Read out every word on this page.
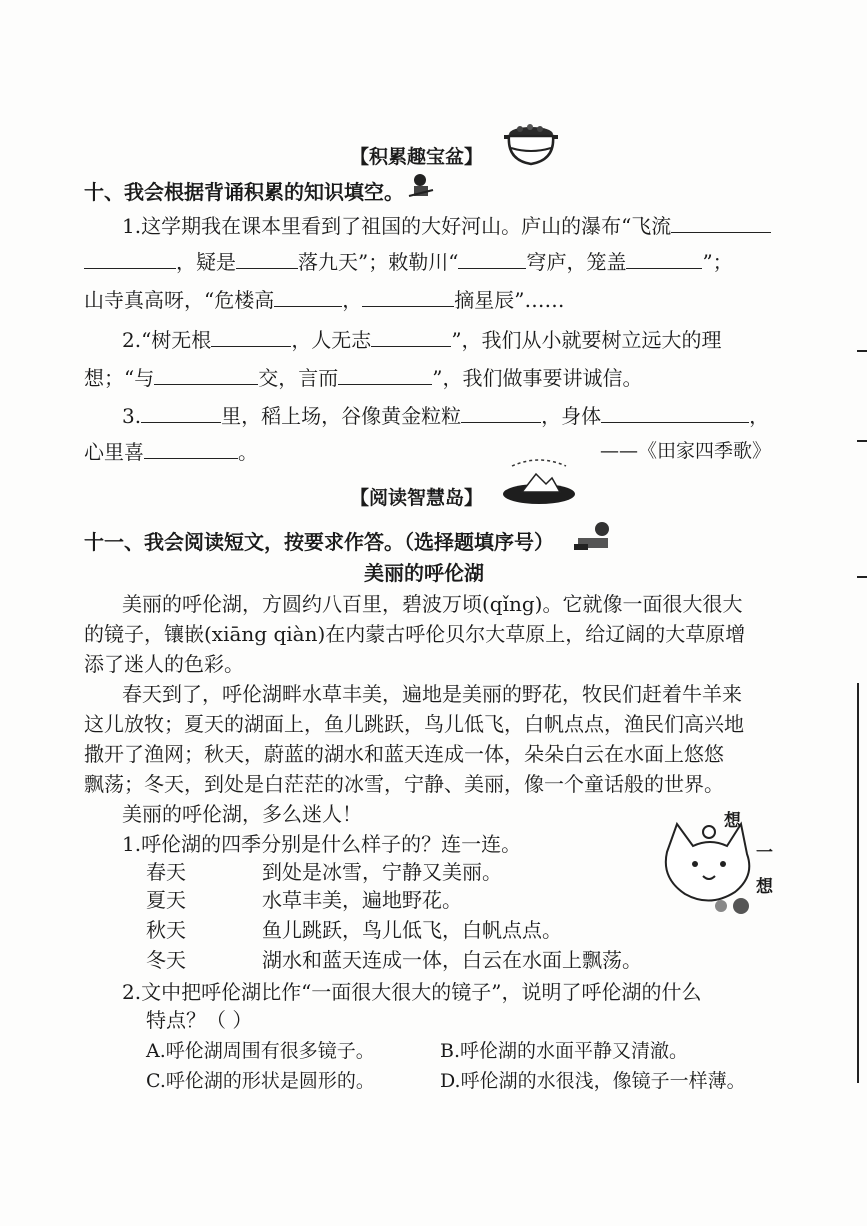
【积累趣宝盆】
十、我会根据背诵积累的知识填空。
1.这学期我在课本里看到了祖国的大好河山。庐山的瀑布“飞流
，疑是	落九天”；敕勒川“	穹庐，笼盖	”；
山寺真高呀，“危楼高	，	摘星辰”……
2.“树无根	，人无志	”，我们从小就要树立远大的理
想；“与	交，言而	”，我们做事要讲诚信。
3.	里，稻上场，谷像黄金粒粒	，身体	，
心里喜	。	——《田家四季歌》
【阅读智慧岛】
十一、我会阅读短文，按要求作答。（选择题填序号）
美丽的呼伦湖
美丽的呼伦湖，方圆约八百里，碧波万顷(qǐng)。它就像一面很大很大
的镜子，镶嵌(xiāng qiàn)在内蒙古呼伦贝尔大草原上，给辽阔的大草原增
添了迷人的色彩。
春天到了，呼伦湖畔水草丰美，遍地是美丽的野花，牧民们赶着牛羊来
这儿放牧；夏天的湖面上，鱼儿跳跃，鸟儿低飞，白帆点点，渔民们高兴地
撒开了渔网；秋天，蔚蓝的湖水和蓝天连成一体，朵朵白云在水面上悠悠
飘荡；冬天，到处是白茫茫的冰雪，宁静、美丽，像一个童话般的世界。
美丽的呼伦湖，多么迷人！
1.呼伦湖的四季分别是什么样子的？连一连。
春天	到处是冰雪，宁静又美丽。
夏天	水草丰美，遍地野花。
秋天	鱼儿跳跃，鸟儿低飞，白帆点点。
冬天	湖水和蓝天连成一体，白云在水面上飘荡。
想
一
想
2.文中把呼伦湖比作“一面很大很大的镜子”，说明了呼伦湖的什么
特点？（ ）
A.呼伦湖周围有很多镜子。	B.呼伦湖的水面平静又清澈。
C.呼伦湖的形状是圆形的。	D.呼伦湖的水很浅，像镜子一样薄。
